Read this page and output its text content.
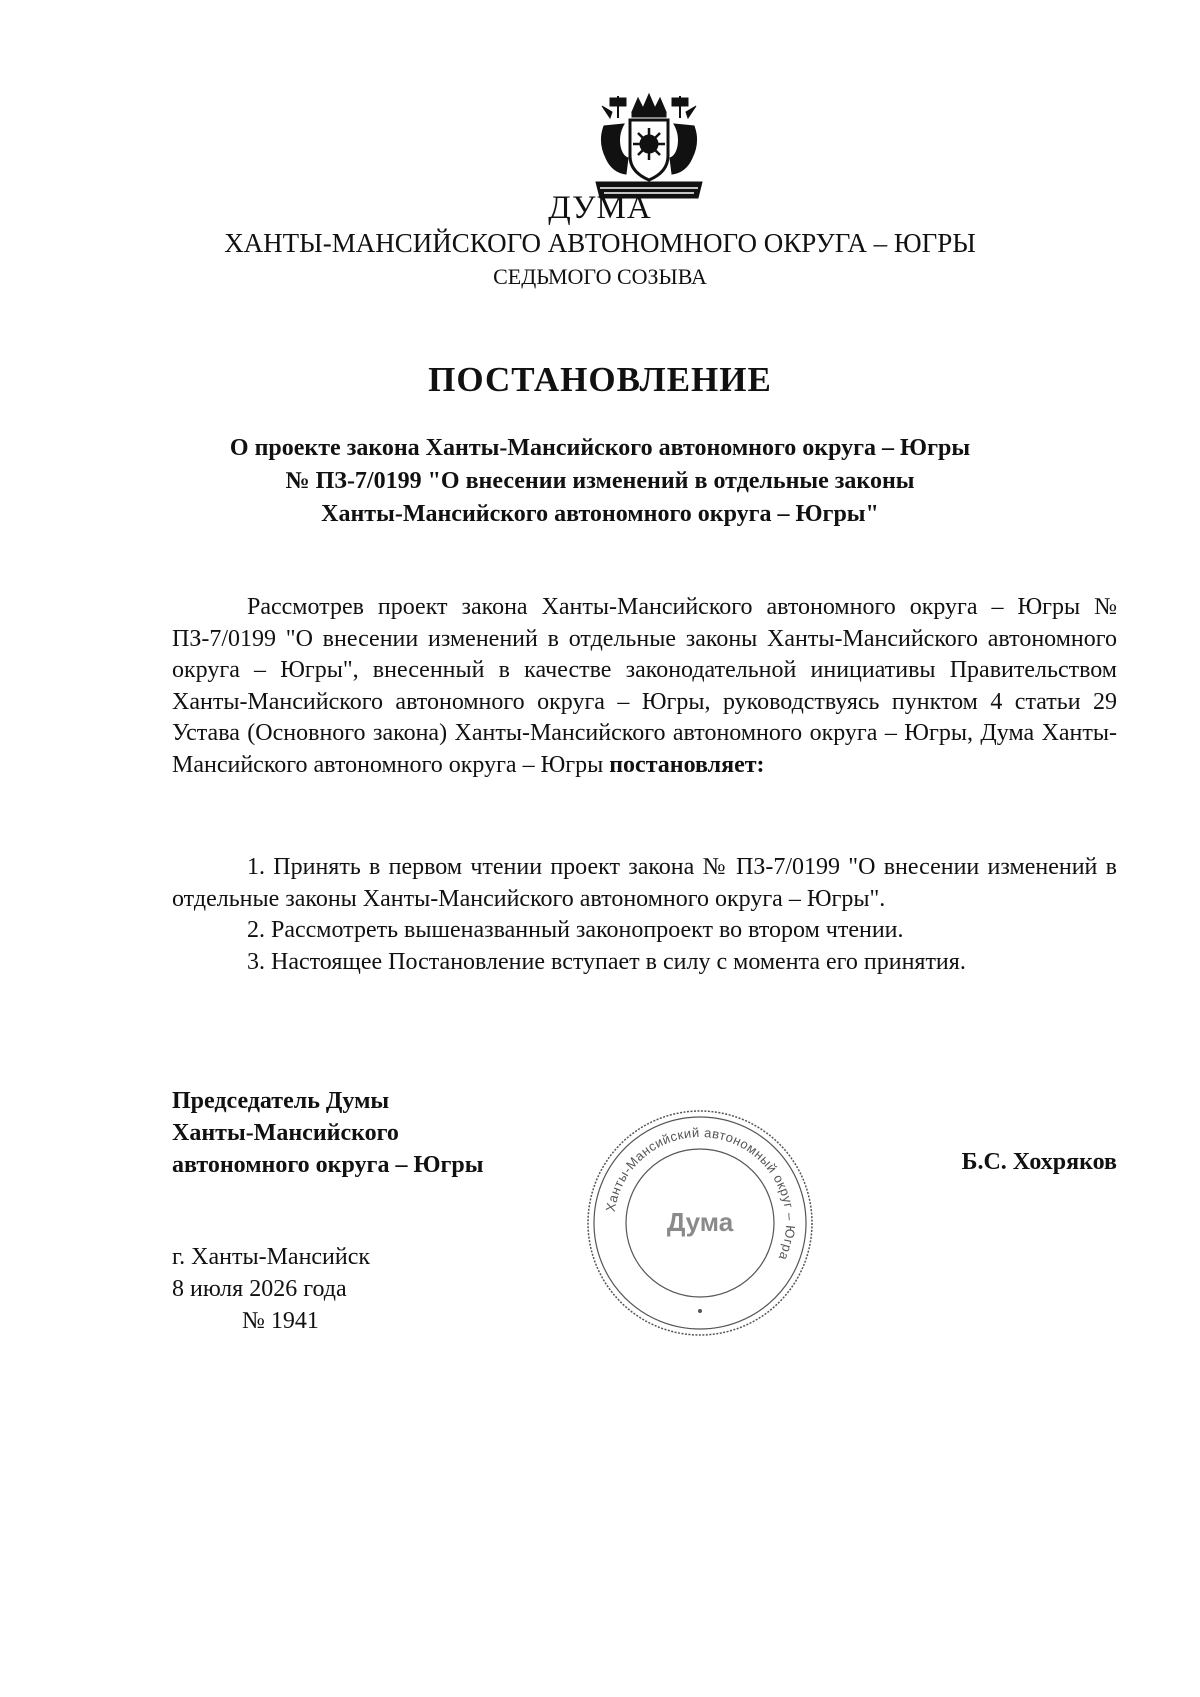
ДУМА
ХАНТЫ-МАНСИЙСКОГО АВТОНОМНОГО ОКРУГА – ЮГРЫ
СЕДЬМОГО СОЗЫВА
ПОСТАНОВЛЕНИЕ
О проекте закона Ханты-Мансийского автономного округа – Югры
№ ПЗ-7/0199 "О внесении изменений в отдельные законы
Ханты-Мансийского автономного округа – Югры"
Рассмотрев проект закона Ханты-Мансийского автономного округа – Югры № ПЗ-7/0199 "О внесении изменений в отдельные законы Ханты-Мансийского автономного округа – Югры", внесенный в качестве законодательной инициативы Правительством Ханты-Мансийского автономного округа – Югры, руководствуясь пунктом 4 статьи 29 Устава (Основного закона) Ханты-Мансийского автономного округа – Югры, Дума Ханты-Мансийского автономного округа – Югры постановляет:
1. Принять в первом чтении проект закона № ПЗ-7/0199 "О внесении изменений в отдельные законы Ханты-Мансийского автономного округа – Югры".
2. Рассмотреть вышеназванный законопроект во втором чтении.
3. Настоящее Постановление вступает в силу с момента его принятия.
Председатель Думы
Ханты-Мансийского
автономного округа – Югры	Б.С. Хохряков
Ханты-Мансийский автономный округ – Югра
Дума
г. Ханты-Мансийск
8 июля 2026 года
№ 1941
